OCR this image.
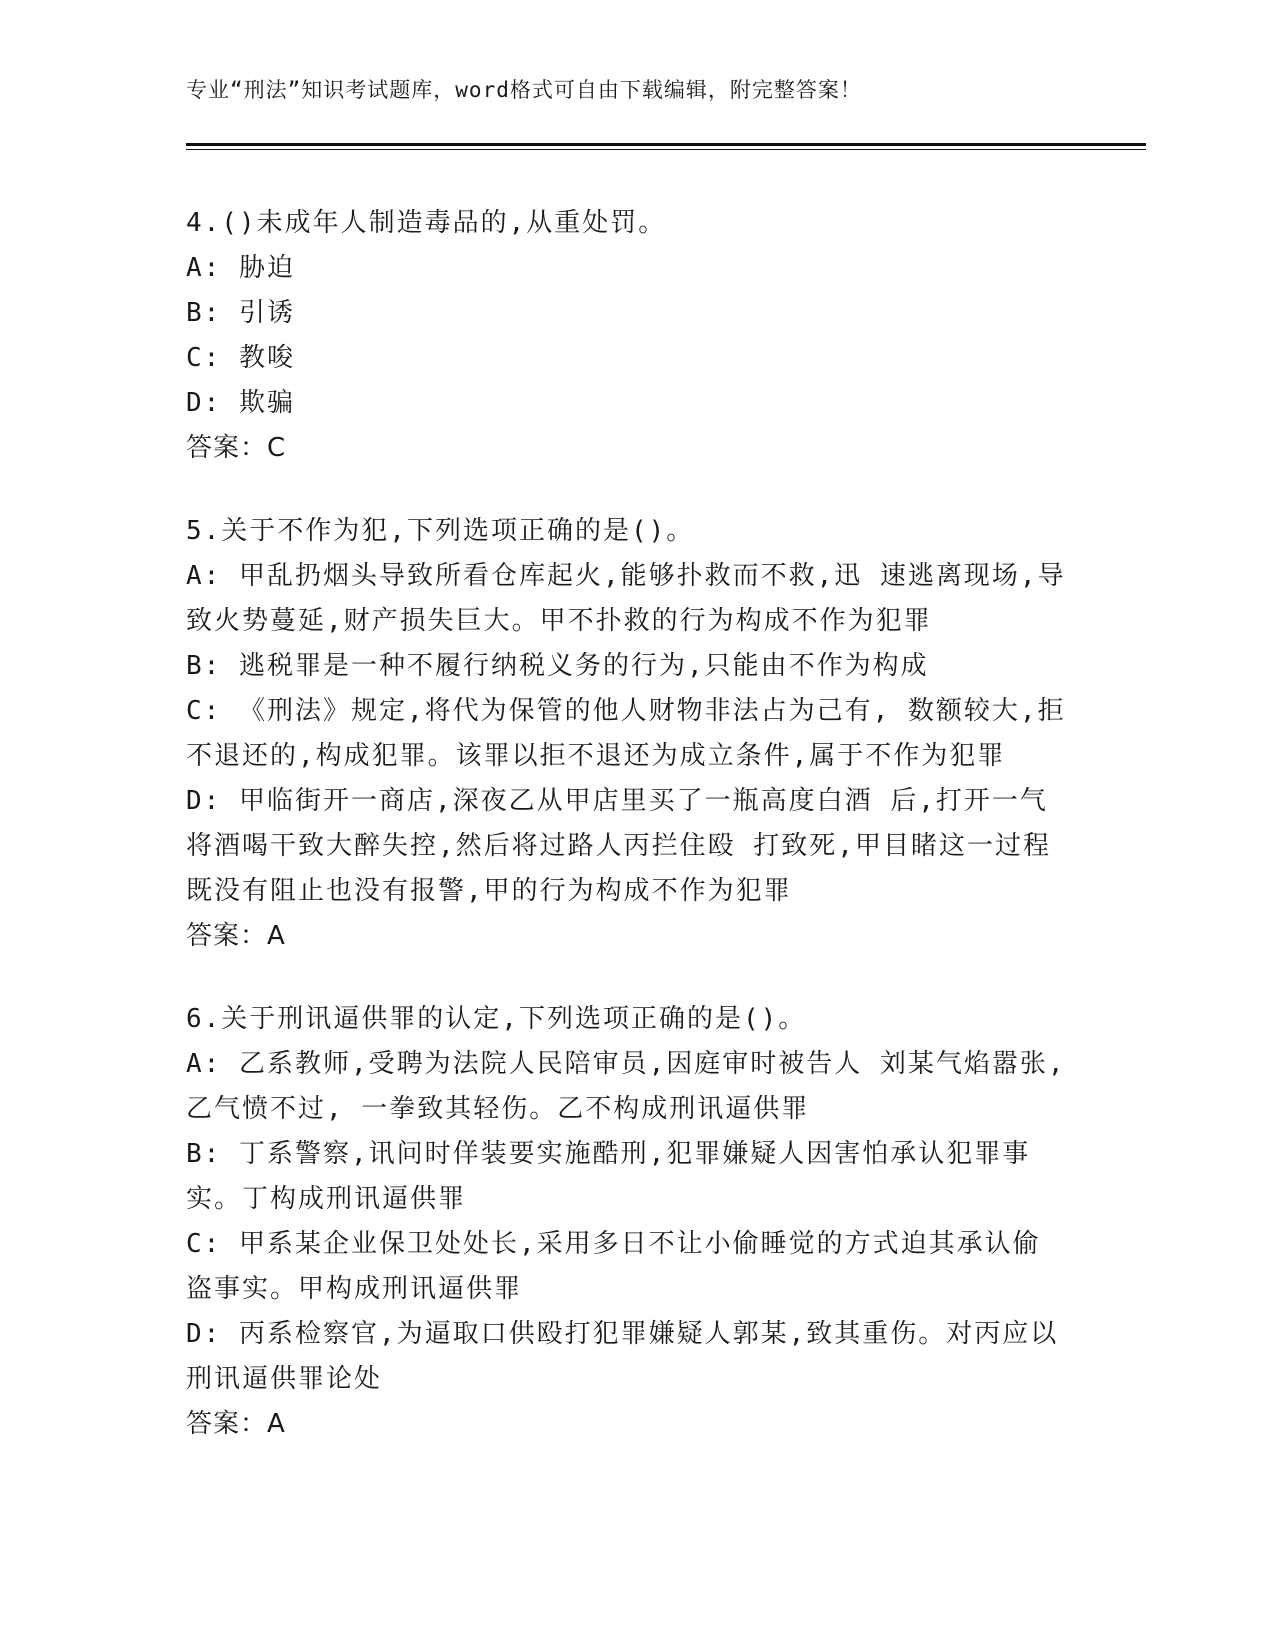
专业“刑法”知识考试题库，word格式可自由下载编辑，附完整答案！
4.()未成年人制造毒品的,从重处罚。
A: 胁迫
B: 引诱
C: 教唆
D: 欺骗
答案：C
5.关于不作为犯,下列选项正确的是()。
A: 甲乱扔烟头导致所看仓库起火,能够扑救而不救,迅 速逃离现场,导致火势蔓延,财产损失巨大。甲不扑救的行为构成不作为犯罪
B: 逃税罪是一种不履行纳税义务的行为,只能由不作为构成
C: 《刑法》规定,将代为保管的他人财物非法占为己有, 数额较大,拒不退还的,构成犯罪。该罪以拒不退还为成立条件,属于不作为犯罪
D: 甲临街开一商店,深夜乙从甲店里买了一瓶高度白酒 后,打开一气将酒喝干致大醉失控,然后将过路人丙拦住殴 打致死,甲目睹这一过程既没有阻止也没有报警,甲的行为构成不作为犯罪
答案：A
6.关于刑讯逼供罪的认定,下列选项正确的是()。
A: 乙系教师,受聘为法院人民陪审员,因庭审时被告人 刘某气焰嚣张,乙气愤不过, 一拳致其轻伤。乙不构成刑讯逼供罪
B: 丁系警察,讯问时佯装要实施酷刑,犯罪嫌疑人因害怕承认犯罪事实。丁构成刑讯逼供罪
C: 甲系某企业保卫处处长,采用多日不让小偷睡觉的方式迫其承认偷盗事实。甲构成刑讯逼供罪
D: 丙系检察官,为逼取口供殴打犯罪嫌疑人郭某,致其重伤。对丙应以刑讯逼供罪论处
答案：A
